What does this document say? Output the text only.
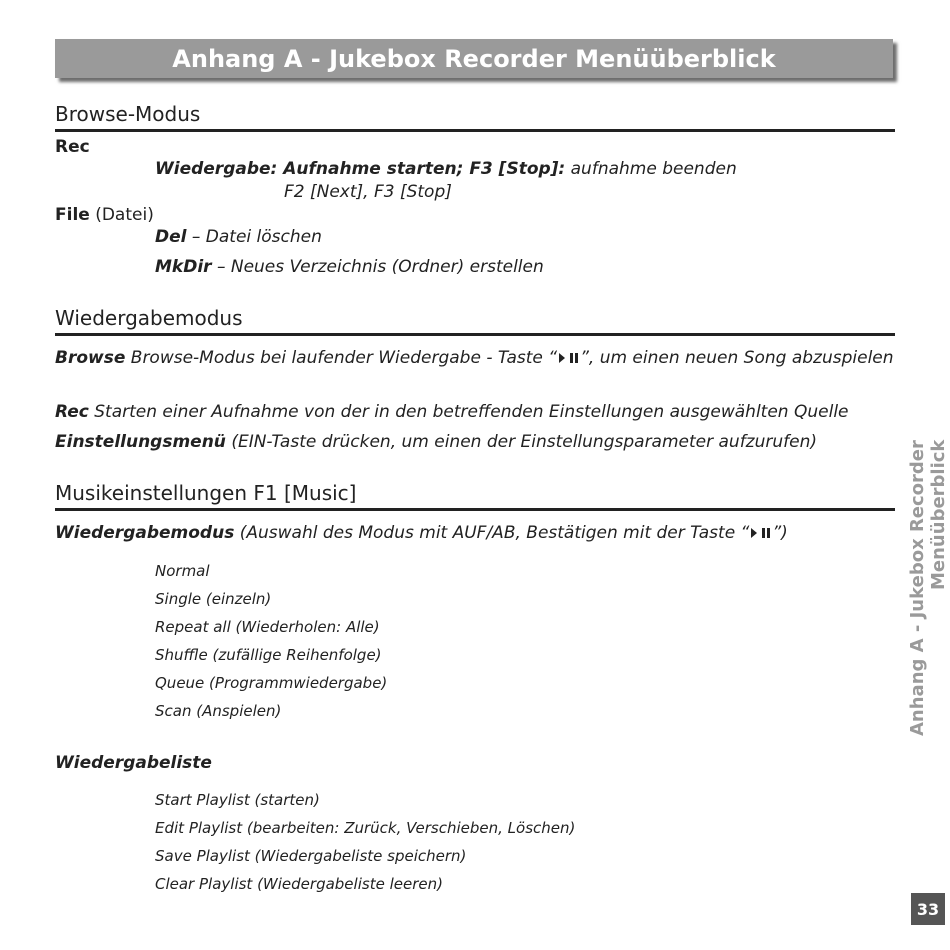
Anhang A - Jukebox Recorder Menüüberblick
Browse-Modus
Rec
Wiedergabe: Aufnahme starten; F3 [Stop]: aufnahme beenden
F2 [Next], F3 [Stop]
File (Datei)
Del – Datei löschen
MkDir – Neues Verzeichnis (Ordner) erstellen
Wiedergabemodus
Browse Browse-Modus bei laufender Wiedergabe - Taste “ ”, um einen neuen Song abzuspielen
Rec Starten einer Aufnahme von der in den betreffenden Einstellungen ausgewählten Quelle
Einstellungsmenü (EIN-Taste drücken, um einen der Einstellungsparameter aufzurufen)
Musikeinstellungen F1 [Music]
Wiedergabemodus (Auswahl des Modus mit AUF/AB, Bestätigen mit der Taste “ ”)
Normal
Single (einzeln)
Repeat all (Wiederholen: Alle)
Shuffle (zufällige Reihenfolge)
Queue (Programmwiedergabe)
Scan (Anspielen)
Wiedergabeliste
Start Playlist (starten)
Edit Playlist (bearbeiten: Zurück, Verschieben, Löschen)
Save Playlist (Wiedergabeliste speichern)
Clear Playlist (Wiedergabeliste leeren)
Anhang A - Jukebox Recorder Menüüberblick
33
